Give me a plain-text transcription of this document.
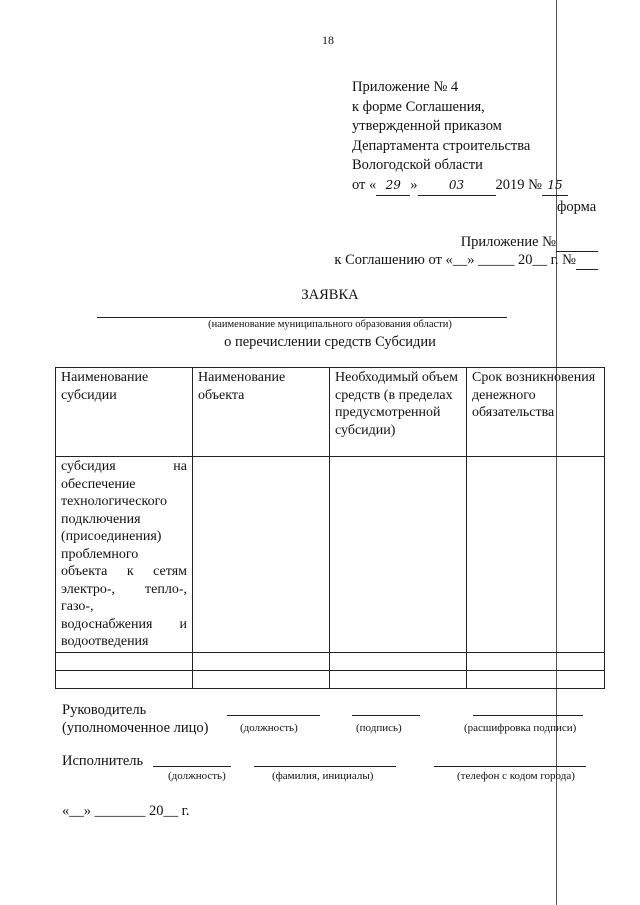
18
Приложение № 4
к форме Соглашения,
утвержденной приказом
Департамента строительства
Вологодской области
от « 29 »	03 2019 № 15
форма
Приложение №
к Соглашению от «__» _____ 20__ г. №
ЗАЯВКА
(наименование муниципального образования области)
о перечислении средств Субсидии
Наименование субсидии	Наименование объекта	Необходимый объем средств (в пределах предусмотренной субсидии)	Срок возникновения денежного обязательства
субсидия на обеспечение технологического подключения (присоединения) проблемного объекта к сетям электро-, тепло-, газо-, водоснабжения и водоотведения			

Руководитель
(уполномоченное лицо)	(должность)	(подпись)	(расшифровка подписи)
Исполнитель
(должность)	(фамилия, инициалы)	(телефон с кодом города)
«__» _______ 20__ г.
